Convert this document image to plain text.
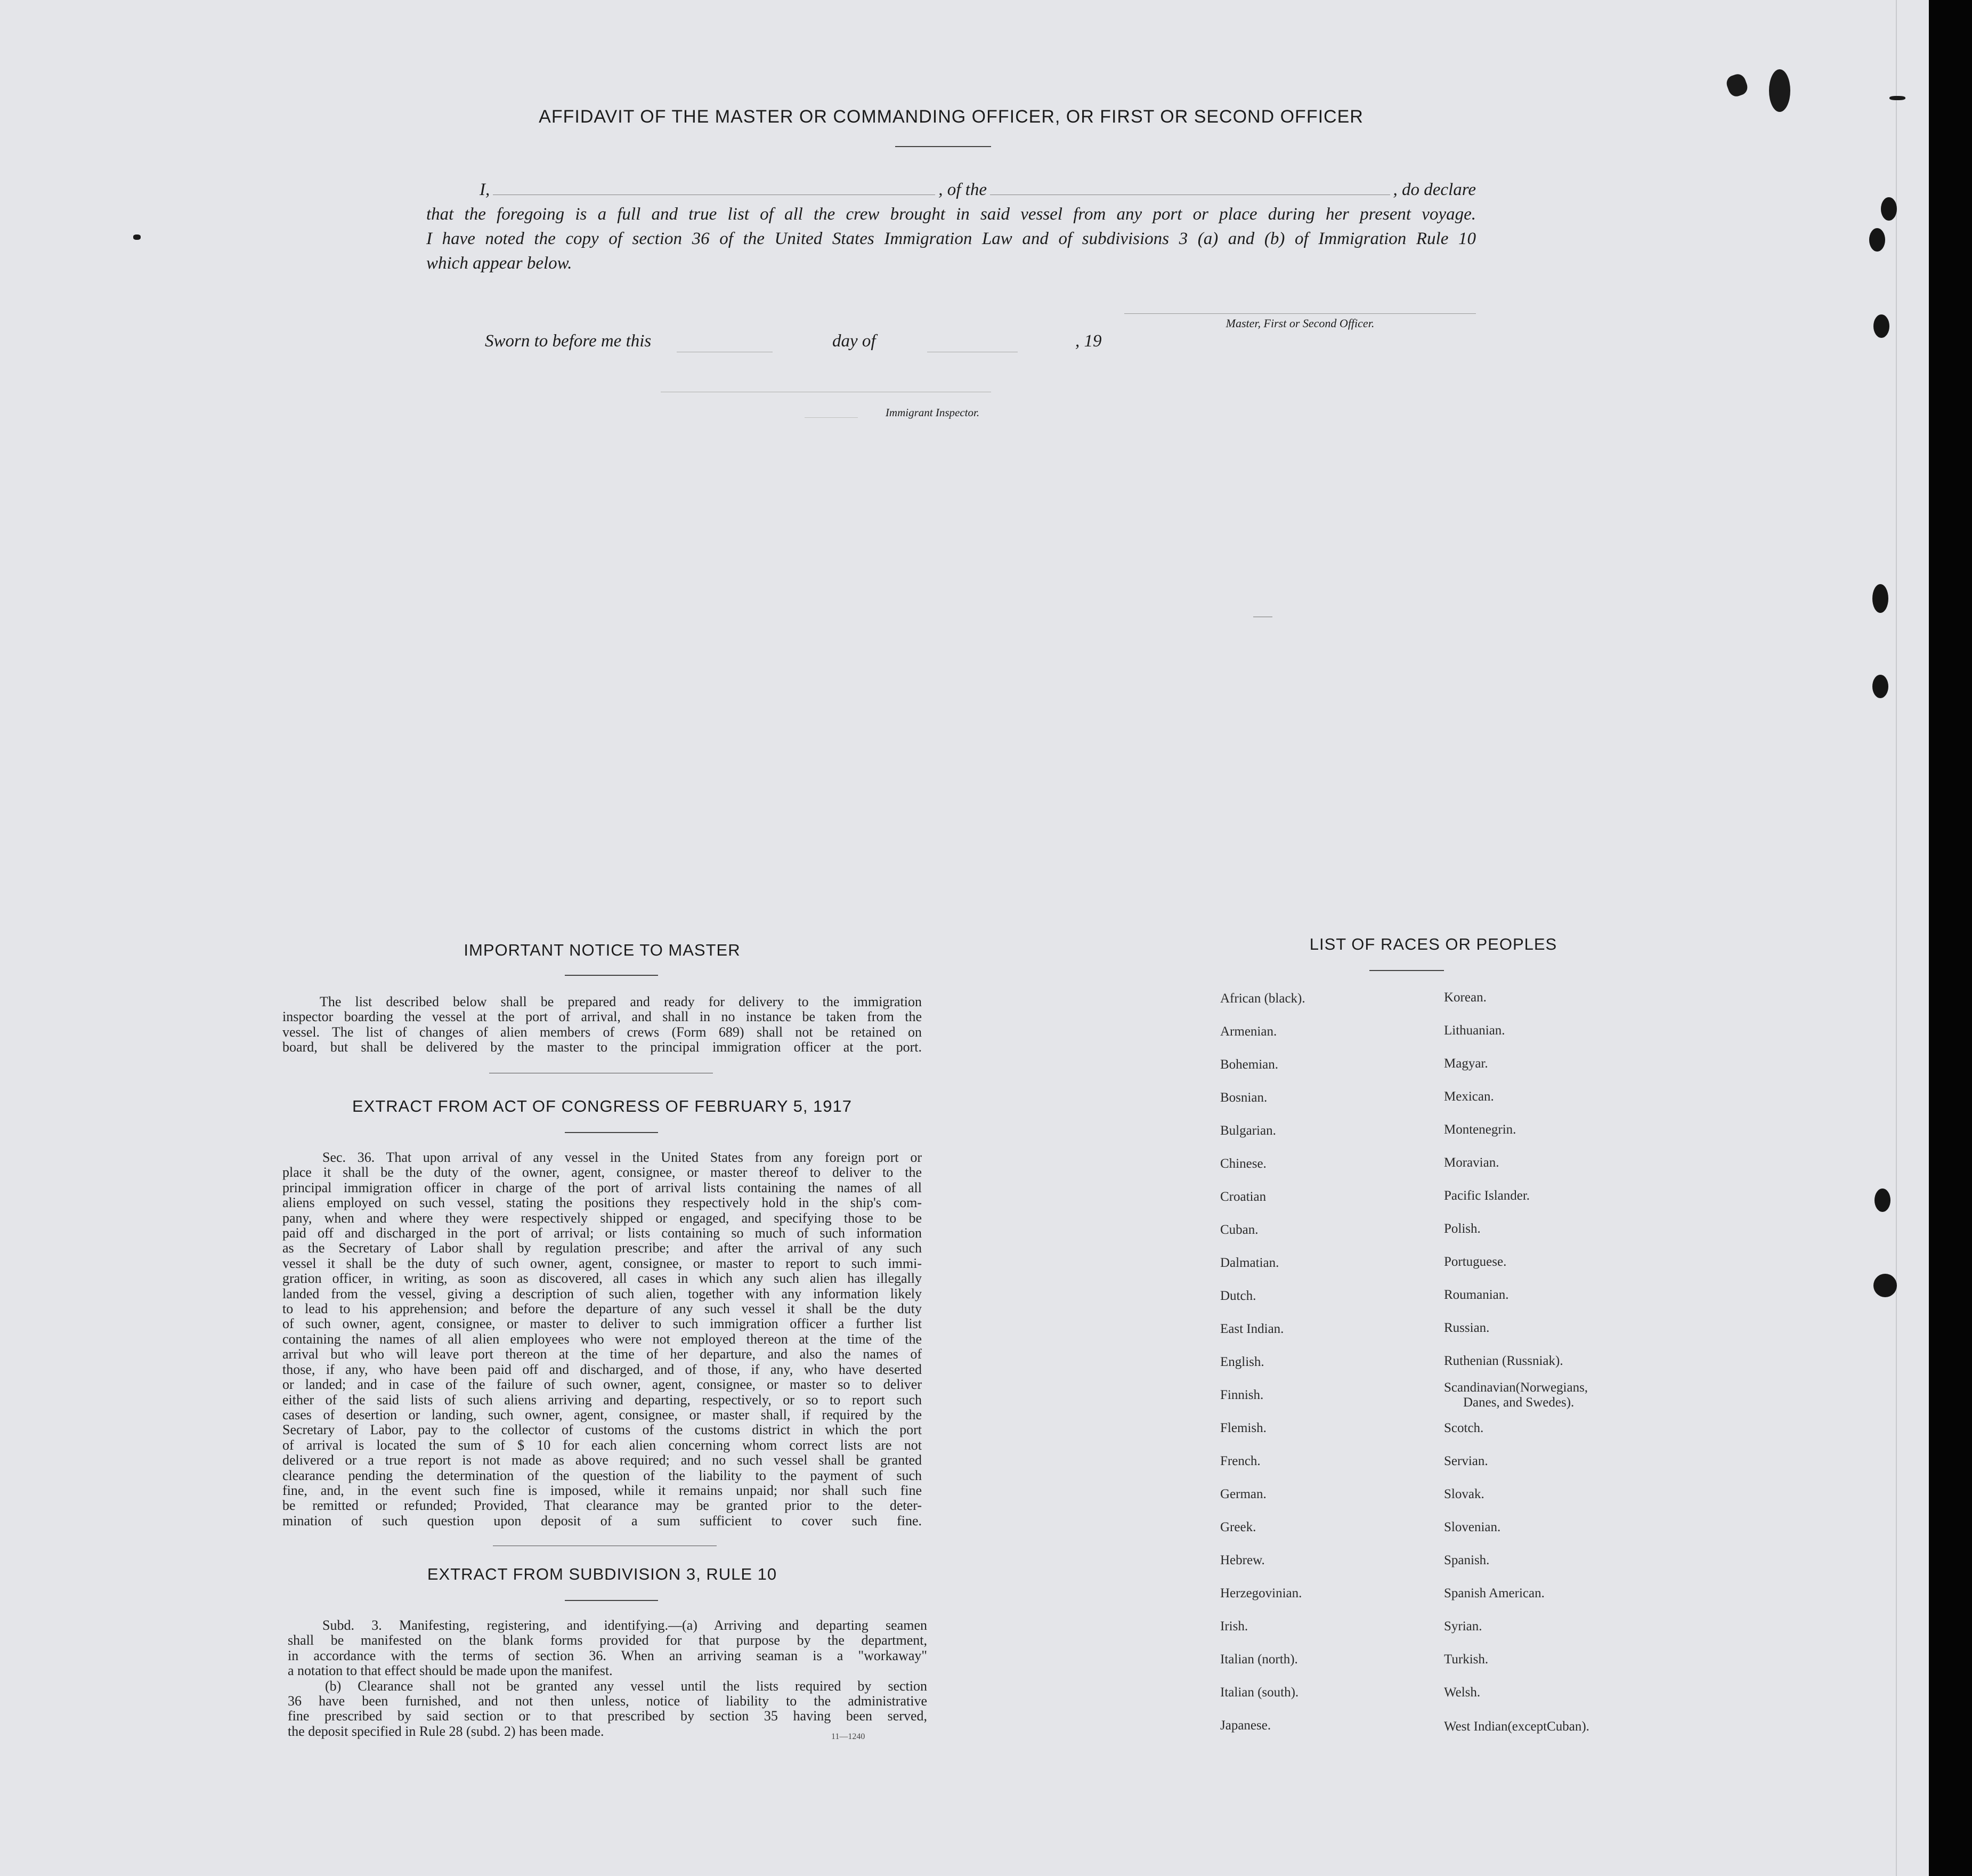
AFFIDAVIT OF THE MASTER OR COMMANDING OFFICER, OR FIRST OR SECOND OFFICER
I,	, of the	, do declare
that the foregoing is a full and true list of all the crew brought in said vessel from any port or place during her present voyage.
I have noted the copy of section 36 of the United States Immigration Law and of subdivisions 3 (a) and (b) of Immigration Rule 10
which appear below.
Master, First or Second Officer.
Sworn to before me this	day of	, 19
Immigrant Inspector.
IMPORTANT NOTICE TO MASTER
The list described below shall be prepared and ready for delivery to the immigration
inspector boarding the vessel at the port of arrival, and shall in no instance be taken from the
vessel. The list of changes of alien members of crews (Form 689) shall not be retained on
board, but shall be delivered by the master to the principal immigration officer at the port.
EXTRACT FROM ACT OF CONGRESS OF FEBRUARY 5, 1917
Sec. 36. That upon arrival of any vessel in the United States from any foreign port or
place it shall be the duty of the owner, agent, consignee, or master thereof to deliver to the
principal immigration officer in charge of the port of arrival lists containing the names of all
aliens employed on such vessel, stating the positions they respectively hold in the ship's com-
pany, when and where they were respectively shipped or engaged, and specifying those to be
paid off and discharged in the port of arrival; or lists containing so much of such information
as the Secretary of Labor shall by regulation prescribe; and after the arrival of any such
vessel it shall be the duty of such owner, agent, consignee, or master to report to such immi-
gration officer, in writing, as soon as discovered, all cases in which any such alien has illegally
landed from the vessel, giving a description of such alien, together with any information likely
to lead to his apprehension; and before the departure of any such vessel it shall be the duty
of such owner, agent, consignee, or master to deliver to such immigration officer a further list
containing the names of all alien employees who were not employed thereon at the time of the
arrival but who will leave port thereon at the time of her departure, and also the names of
those, if any, who have been paid off and discharged, and of those, if any, who have deserted
or landed; and in case of the failure of such owner, agent, consignee, or master so to deliver
either of the said lists of such aliens arriving and departing, respectively, or so to report such
cases of desertion or landing, such owner, agent, consignee, or master shall, if required by the
Secretary of Labor, pay to the collector of customs of the customs district in which the port
of arrival is located the sum of $ 10 for each alien concerning whom correct lists are not
delivered or a true report is not made as above required; and no such vessel shall be granted
clearance pending the determination of the question of the liability to the payment of such
fine, and, in the event such fine is imposed, while it remains unpaid; nor shall such fine
be remitted or refunded; Provided, That clearance may be granted prior to the deter-
mination of such question upon deposit of a sum sufficient to cover such fine.
EXTRACT FROM SUBDIVISION 3, RULE 10
Subd. 3. Manifesting, registering, and identifying.—(a) Arriving and departing seamen
shall be manifested on the blank forms provided for that purpose by the department,
in accordance with the terms of section 36. When an arriving seaman is a "workaway"
a notation to that effect should be made upon the manifest.
(b) Clearance shall not be granted any vessel until the lists required by section
36 have been furnished, and not then unless, notice of liability to the administrative
fine prescribed by said section or to that prescribed by section 35 having been served,
the deposit specified in Rule 28 (subd. 2) has been made.	11—1240
LIST OF RACES OR PEOPLES
African (black).
Armenian.
Bohemian.
Bosnian.
Bulgarian.
Chinese.
Croatian
Cuban.
Dalmatian.
Dutch.
East Indian.
English.
Finnish.
Flemish.
French.
German.
Greek.
Hebrew.
Herzegovinian.
Irish.
Italian (north).
Italian (south).
Japanese.
Korean.
Lithuanian.
Magyar.
Mexican.
Montenegrin.
Moravian.
Pacific Islander.
Polish.
Portuguese.
Roumanian.
Russian.
Ruthenian (Russniak).
Scandinavian(Norwegians,
Danes, and Swedes).
Scotch.
Servian.
Slovak.
Slovenian.
Spanish.
Spanish American.
Syrian.
Turkish.
Welsh.
West Indian(exceptCuban).
